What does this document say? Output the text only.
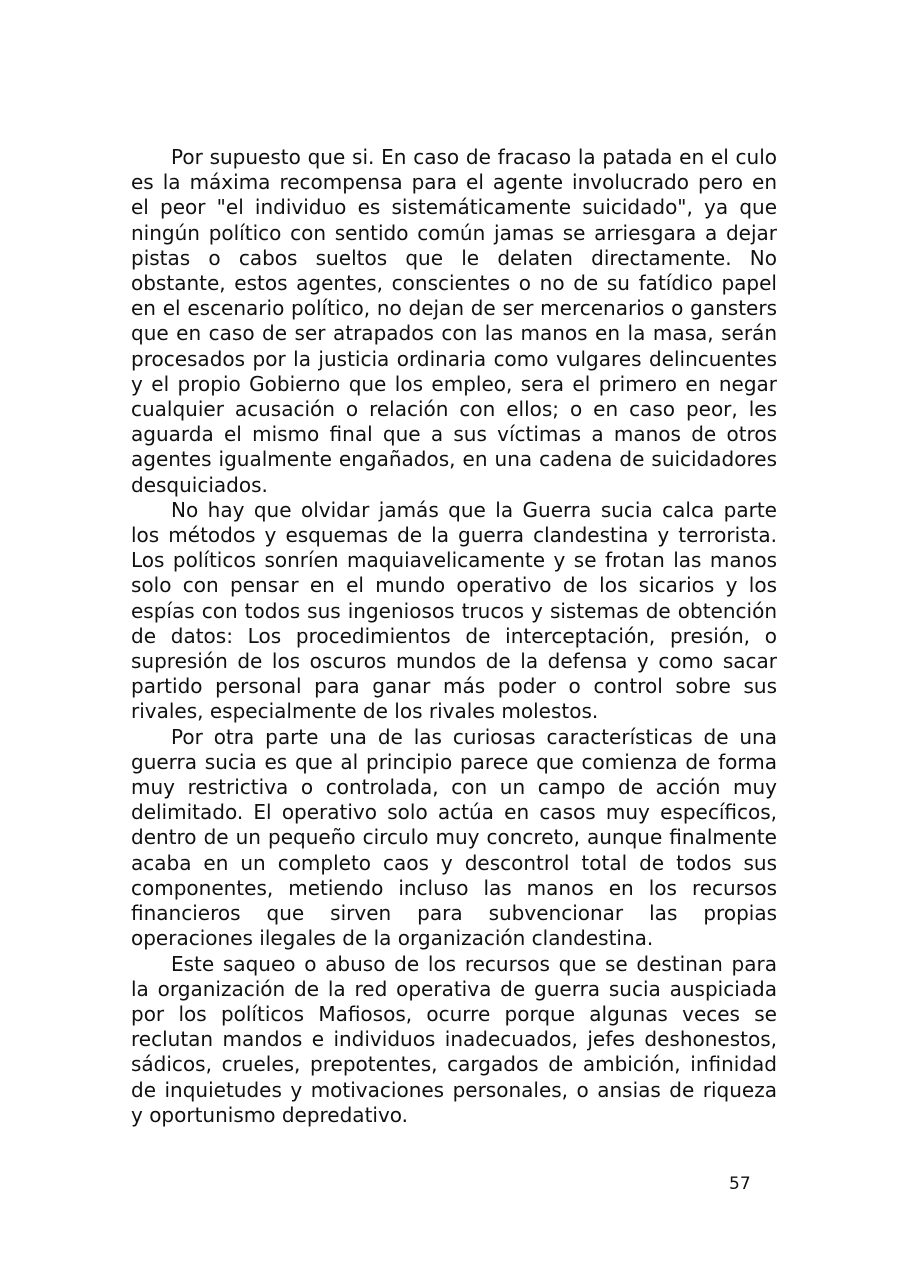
Por supuesto que si. En caso de fracaso la patada en el culo es la máxima recompensa para el agente involucrado pero en el peor "el individuo es sistemáticamente suicidado", ya que ningún político con sentido común jamas se arriesgara a dejar pistas o cabos sueltos que le delaten directamente. No obstante, estos agentes, conscientes o no de su fatídico papel en el escenario político, no dejan de ser mercenarios o gansters que en caso de ser atrapados con las manos en la masa, serán procesados por la justicia ordinaria como vulgares delincuentes y el propio Gobierno que los empleo, sera el primero en negar cualquier acusación o relación con ellos; o en caso peor, les aguarda el mismo final que a sus víctimas a manos de otros agentes igualmente engañados, en una cadena de suicidadores desquiciados.

No hay que olvidar jamás que la Guerra sucia calca parte los métodos y esquemas de la guerra clandestina y terrorista. Los políticos sonríen maquiavelicamente y se frotan las manos solo con pensar en el mundo operativo de los sicarios y los espías con todos sus ingeniosos trucos y sistemas de obtención de datos: Los procedimientos de interceptación, presión, o supresión de los oscuros mundos de la defensa y como sacar partido personal para ganar más poder o control sobre sus rivales, especialmente de los rivales molestos.

Por otra parte una de las curiosas características de una guerra sucia es que al principio parece que comienza de forma muy restrictiva o controlada, con un campo de acción muy delimitado. El operativo solo actúa en casos muy específicos, dentro de un pequeño circulo muy concreto, aunque finalmente acaba en un completo caos y descontrol total de todos sus componentes, metiendo incluso las manos en los recursos financieros que sirven para subvencionar las propias operaciones ilegales de la organización clandestina.

Este saqueo o abuso de los recursos que se destinan para la organización de la red operativa de guerra sucia auspiciada por los políticos Mafiosos, ocurre porque algunas veces se reclutan mandos e individuos inadecuados, jefes deshonestos, sádicos, crueles, prepotentes, cargados de ambición, infinidad de inquietudes y motivaciones personales, o ansias de riqueza y oportunismo depredativo.

57
